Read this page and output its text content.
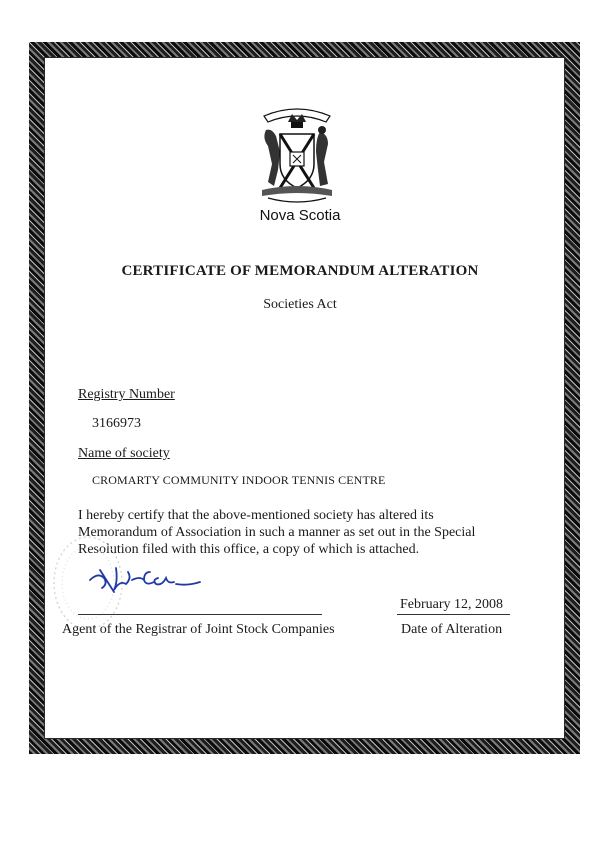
Nova Scotia
CERTIFICATE OF MEMORANDUM ALTERATION
Societies Act
Registry Number
3166973
Name of society
CROMARTY COMMUNITY INDOOR TENNIS CENTRE
I hereby certify that the above-mentioned society has altered its
Memorandum of Association in such a manner as set out in the Special
Resolution filed with this office, a copy of which is attached.
Agent of the Registrar of Joint Stock Companies
February 12, 2008
Date of Alteration
